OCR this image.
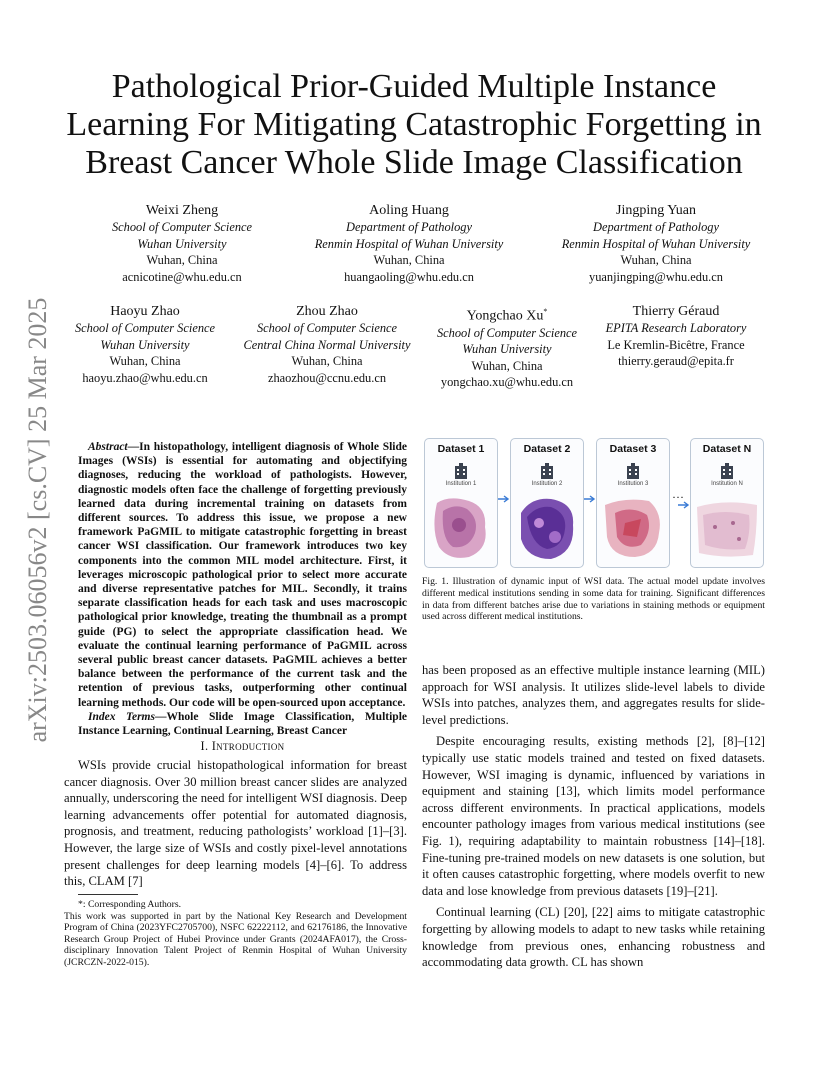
arXiv:2503.06056v2 [cs.CV] 25 Mar 2025
Pathological Prior-Guided Multiple Instance Learning For Mitigating Catastrophic Forgetting in Breast Cancer Whole Slide Image Classification
Weixi Zheng
School of Computer Science
Wuhan University
Wuhan, China
acnicotine@whu.edu.cn
Aoling Huang
Department of Pathology
Renmin Hospital of Wuhan University
Wuhan, China
huangaoling@whu.edu.cn
Jingping Yuan
Department of Pathology
Renmin Hospital of Wuhan University
Wuhan, China
yuanjingping@whu.edu.cn
Haoyu Zhao
School of Computer Science
Wuhan University
Wuhan, China
haoyu.zhao@whu.edu.cn
Zhou Zhao
School of Computer Science
Central China Normal University
Wuhan, China
zhaozhou@ccnu.edu.cn
Yongchao Xu*
School of Computer Science
Wuhan University
Wuhan, China
yongchao.xu@whu.edu.cn
Thierry Géraud
EPITA Research Laboratory
Le Kremlin-Bicêtre, France
thierry.geraud@epita.fr
Abstract—In histopathology, intelligent diagnosis of Whole Slide Images (WSIs) is essential for automating and objectifying diagnoses, reducing the workload of pathologists. However, diagnostic models often face the challenge of forgetting previously learned data during incremental training on datasets from different sources. To address this issue, we propose a new framework PaGMIL to mitigate catastrophic forgetting in breast cancer WSI classification. Our framework introduces two key components into the common MIL model architecture. First, it leverages microscopic pathological prior to select more accurate and diverse representative patches for MIL. Secondly, it trains separate classification heads for each task and uses macroscopic pathological prior knowledge, treating the thumbnail as a prompt guide (PG) to select the appropriate classification head. We evaluate the continual learning performance of PaGMIL across several public breast cancer datasets. PaGMIL achieves a better balance between the performance of the current task and the retention of previous tasks, outperforming other continual learning methods. Our code will be open-sourced upon acceptance.
Index Terms—Whole Slide Image Classification, Multiple Instance Learning, Continual Learning, Breast Cancer
I. Introduction

WSIs provide crucial histopathological information for breast cancer diagnosis. Over 30 million breast cancer slides are analyzed annually, underscoring the need for intelligent WSI diagnosis. Deep learning advancements offer potential for automated diagnosis, prognosis, and treatment, reducing pathologists’ workload [1]–[3]. However, the large size of WSIs and costly pixel-level annotations present challenges for deep learning models [4]–[6]. To address this, CLAM [7]

*: Corresponding Authors.

This work was supported in part by the National Key Research and Development Program of China (2023YFC2705700), NSFC 62222112, and 62176186, the Innovative Research Group Project of Hubei Province under Grants (2024AFA017), the Cross-disciplinary Innovation Talent Project of Renmin Hospital of Wuhan University (JCRCZN-2022-015).

Dataset 1
Institution 1
Dataset 2
Institution 2
Dataset 3
Institution 3
···
Dataset N
Institution N
Fig. 1. Illustration of dynamic input of WSI data. The actual model update involves different medical institutions sending in some data for training. Significant differences in data from different batches arise due to variations in staining methods or equipment used across different medical institutions.

has been proposed as an effective multiple instance learning (MIL) approach for WSI analysis. It utilizes slide-level labels to divide WSIs into patches, analyzes them, and aggregates results for slide-level predictions.

Despite encouraging results, existing methods [2], [8]–[12] typically use static models trained and tested on fixed datasets. However, WSI imaging is dynamic, influenced by variations in equipment and staining [13], which limits model performance across different environments. In practical applications, models encounter pathology images from various medical institutions (see Fig. 1), requiring adaptability to maintain robustness [14]–[18]. Fine-tuning pre-trained models on new datasets is one solution, but it often causes catastrophic forgetting, where models overfit to new data and lose knowledge from previous datasets [19]–[21].

Continual learning (CL) [20], [22] aims to mitigate catastrophic forgetting by allowing models to adapt to new tasks while retaining knowledge from previous ones, enhancing robustness and accommodating data growth. CL has shown
